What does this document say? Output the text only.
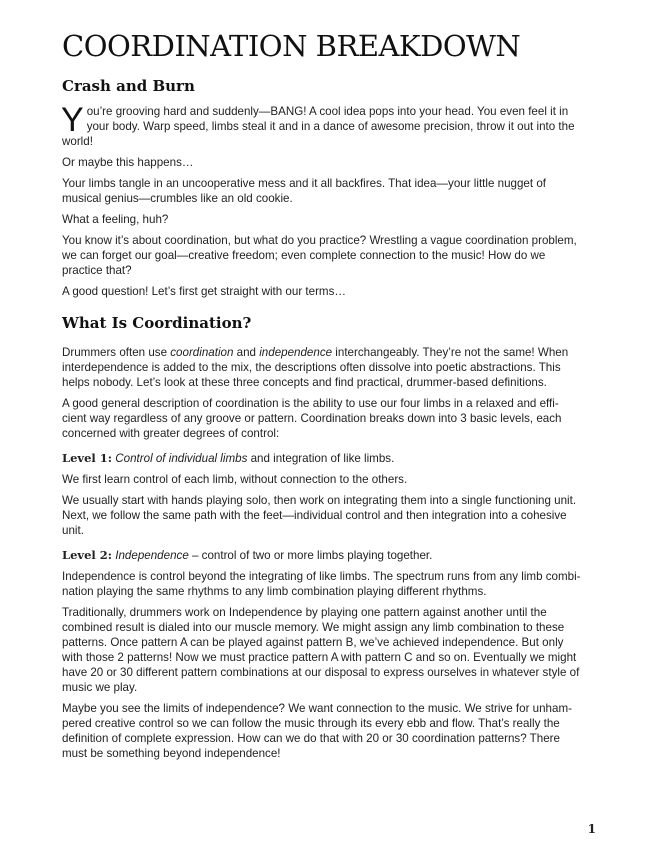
COORDINATION BREAKDOWN
Crash and Burn

Y ou’re grooving hard and suddenly—BANG! A cool idea pops into your head. You even feel it in
your body. Warp speed, limbs steal it and in a dance of awesome precision, throw it out into the
world!

Or maybe this happens…

Your limbs tangle in an uncooperative mess and it all backfires. That idea—your little nugget of
musical genius—crumbles like an old cookie.

What a feeling, huh?

You know it’s about coordination, but what do you practice? Wrestling a vague coordination problem,
we can forget our goal—creative freedom; even complete connection to the music! How do we
practice that?

A good question! Let’s first get straight with our terms…

What Is Coordination?

Drummers often use coordination and independence interchangeably. They’re not the same! When
interdependence is added to the mix, the descriptions often dissolve into poetic abstractions. This
helps nobody. Let’s look at these three concepts and find practical, drummer-based definitions.

A good general description of coordination is the ability to use our four limbs in a relaxed and effi-
cient way regardless of any groove or pattern. Coordination breaks down into 3 basic levels, each
concerned with greater degrees of control:

Level 1: Control of individual limbs and integration of like limbs.

We first learn control of each limb, without connection to the others.

We usually start with hands playing solo, then work on integrating them into a single functioning unit.
Next, we follow the same path with the feet—individual control and then integration into a cohesive
unit.

Level 2: Independence – control of two or more limbs playing together.

Independence is control beyond the integrating of like limbs. The spectrum runs from any limb combi-
nation playing the same rhythms to any limb combination playing different rhythms.

Traditionally, drummers work on Independence by playing one pattern against another until the
combined result is dialed into our muscle memory. We might assign any limb combination to these
patterns. Once pattern A can be played against pattern B, we’ve achieved independence. But only
with those 2 patterns! Now we must practice pattern A with pattern C and so on. Eventually we might
have 20 or 30 different pattern combinations at our disposal to express ourselves in whatever style of
music we play.

Maybe you see the limits of independence? We want connection to the music. We strive for unham-
pered creative control so we can follow the music through its every ebb and flow. That’s really the
definition of complete expression. How can we do that with 20 or 30 coordination patterns? There
must be something beyond independence!

1
